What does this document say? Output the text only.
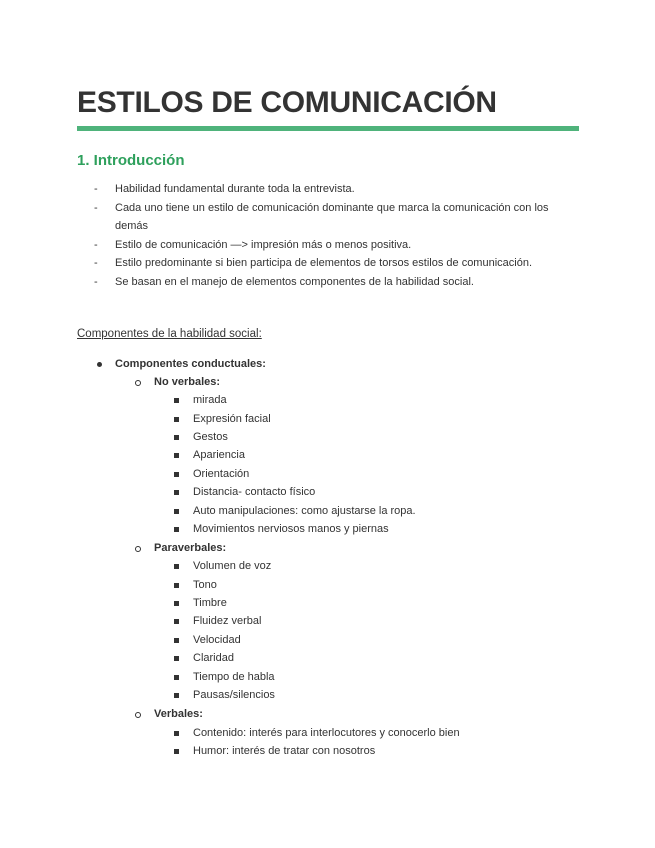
ESTILOS DE COMUNICACIÓN
1. Introducción
- Habilidad fundamental durante toda la entrevista.
- Cada uno tiene un estilo de comunicación dominante que marca la comunicación con los demás
- Estilo de comunicación —> impresión más o menos positiva.
- Estilo predominante si bien participa de elementos de torsos estilos de comunicación.
- Se basan en el manejo de elementos componentes de la habilidad social.
Componentes de la habilidad social:
Componentes conductuales:
No verbales:
mirada
Expresión facial
Gestos
Apariencia
Orientación
Distancia- contacto físico
Auto manipulaciones: como ajustarse la ropa.
Movimientos nerviosos manos y piernas
Paraverbales:
Volumen de voz
Tono
Timbre
Fluidez verbal
Velocidad
Claridad
Tiempo de habla
Pausas/silencios
Verbales:
Contenido: interés para interlocutores y conocerlo bien
Humor: interés de tratar con nosotros
